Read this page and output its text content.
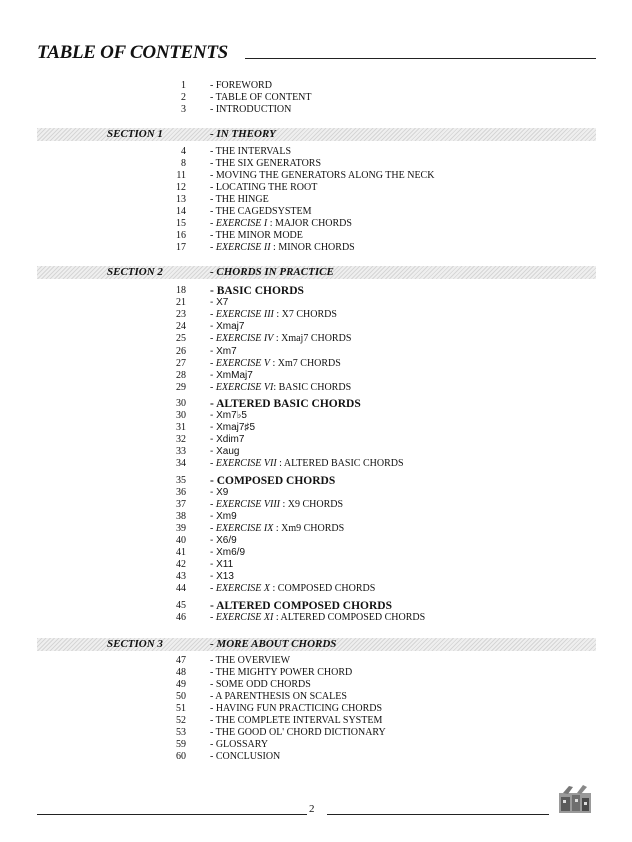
TABLE OF CONTENTS
1 - FOREWORD
2 - TABLE OF CONTENT
3 - INTRODUCTION
SECTION 1	- IN THEORY
4 - THE INTERVALS
8 - THE SIX GENERATORS
11 - MOVING THE GENERATORS ALONG THE NECK
12 - LOCATING THE ROOT
13 - THE HINGE
14 - THE CAGEDSYSTEM
15 - EXERCISE I : MAJOR CHORDS
16 - THE MINOR MODE
17 - EXERCISE II : MINOR CHORDS
SECTION 2	- CHORDS IN PRACTICE
18 - BASIC CHORDS
21 - X7
23 - EXERCISE III : X7 CHORDS
24 - Xmaj7
25 - EXERCISE IV : Xmaj7 CHORDS
26 - Xm7
27 - EXERCISE V : Xm7 CHORDS
28 - XmMaj7
29 - EXERCISE VI: BASIC CHORDS
30 - ALTERED BASIC CHORDS
30 - Xm7♭5
31 - Xmaj7♯5
32 - Xdim7
33 - Xaug
34 - EXERCISE VII : ALTERED BASIC CHORDS
35 - COMPOSED CHORDS
36 - X9
37 - EXERCISE VIII : X9 CHORDS
38 - Xm9
39 - EXERCISE IX : Xm9 CHORDS
40 - X6/9
41 - Xm6/9
42 - X11
43 - X13
44 - EXERCISE X : COMPOSED CHORDS
45 - ALTERED COMPOSED CHORDS
46 - EXERCISE XI : ALTERED COMPOSED CHORDS
SECTION 3	- MORE ABOUT CHORDS
47 - THE OVERVIEW
48 - THE MIGHTY POWER CHORD
49 - SOME ODD CHORDS
50 - A PARENTHESIS ON SCALES
51 - HAVING FUN PRACTICING CHORDS
52 - THE COMPLETE INTERVAL SYSTEM
53 - THE GOOD OL' CHORD DICTIONARY
59 - GLOSSARY
60 - CONCLUSION
2
